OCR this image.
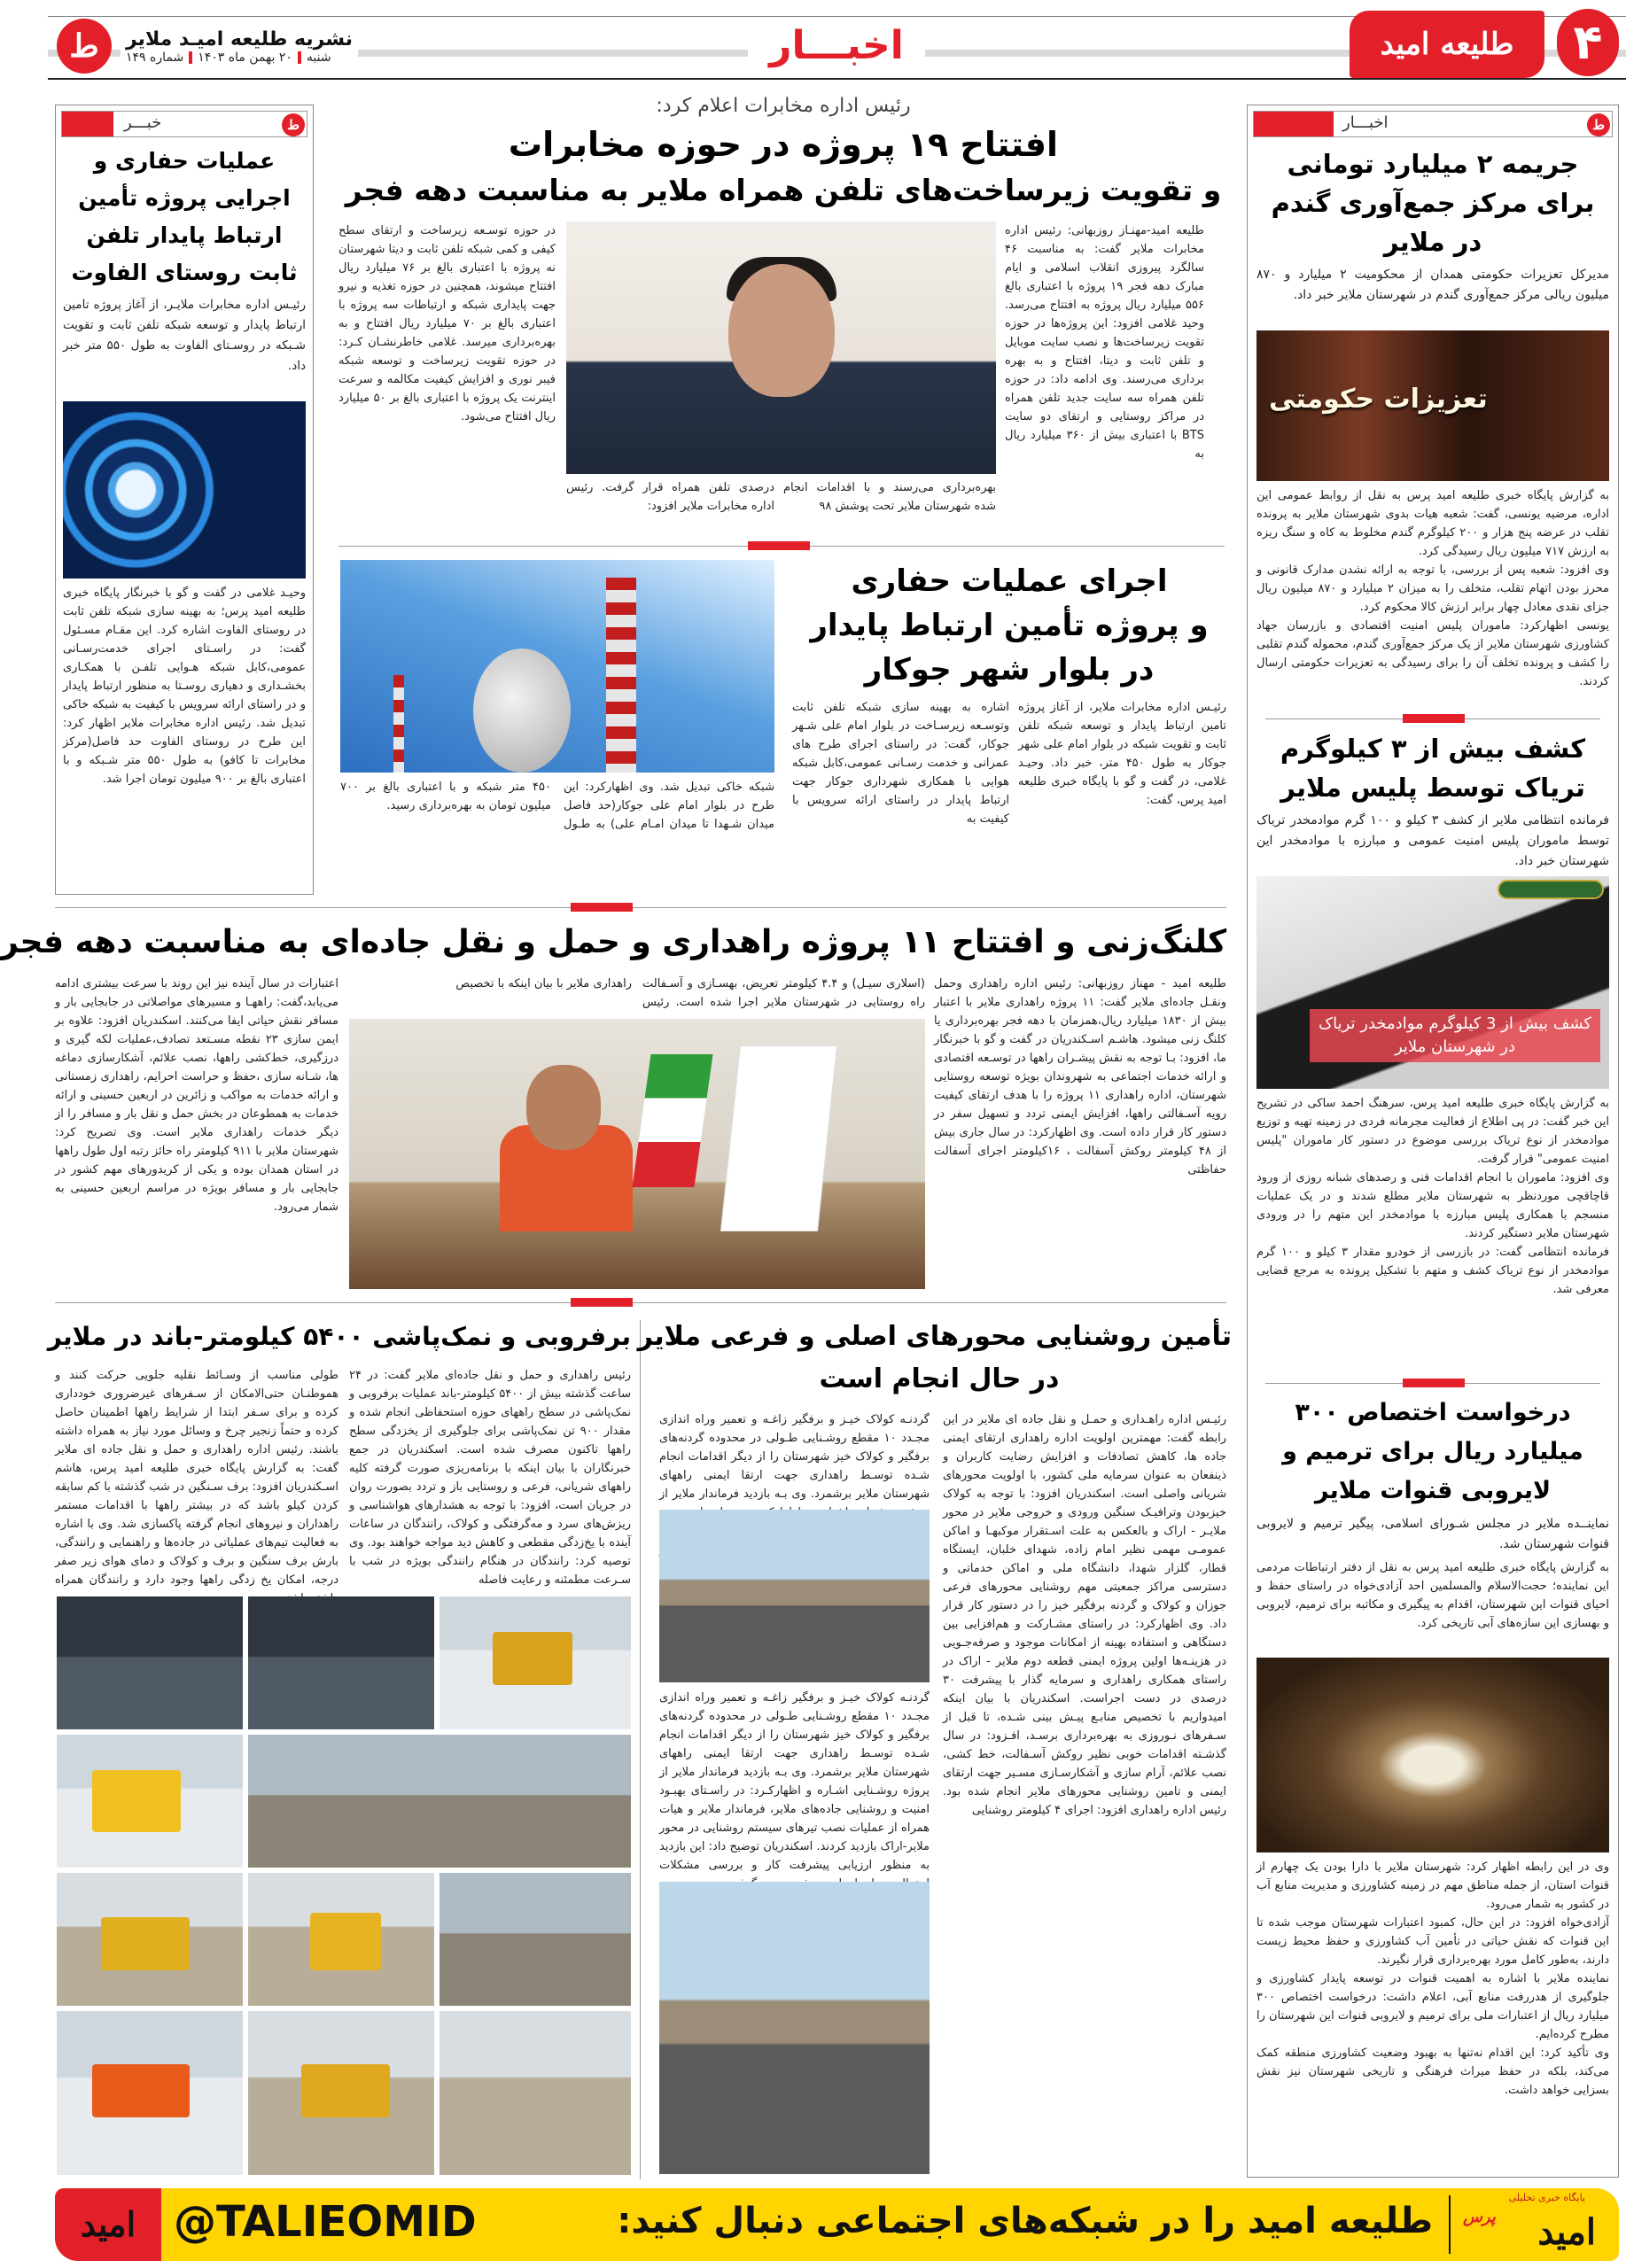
۴
طلیعه امید
اخبـــار
ط	نشریه طلیعه امیـد ملایر
شنبه
۲۰ بهمن ماه ۱۴۰۳
شماره ۱۴۹
اخبـــار	ط
جریمه ۲ میلیارد تومانی برای مرکز جمع‌آوری گندم در ملایر
مدیرکل تعزیرات حکومتی همدان از محکومیت ۲ میلیارد و ۸۷۰ میلیون ریالی مرکز جمع‌آوری گندم در شهرستان ملایر خبر داد.
تعزیزات حکومتی

به گزارش پایگاه خبری طلیعه امید پرس به نقل از روابط عمومی این اداره، مرضیه یونسی، گفت: شعبه هیات بدوی شهرستان ملایر به پرونده تقلب در عرضه پنج هزار و ۲۰۰ کیلوگرم گندم مخلوط به کاه و سنگ ریزه به ارزش ۷۱۷ میلیون ریال رسیدگی کرد.

وی افزود: شعبه پس از بررسی، با توجه به ارائه نشدن مدارک قانونی و محرز بودن اتهام تقلب، متخلف را به میزان ۲ میلیارد و ۸۷۰ میلیون ریال جزای نقدی معادل چهار برابر ارزش کالا محکوم کرد.

یونسی اظهارکرد: ماموران پلیس امنیت اقتصادی و بازرسان جهاد کشاورزی شهرستان ملایر از یک مرکز جمع‌آوری گندم، محموله گندم تقلبی را کشف و پرونده تخلف آن را برای رسیدگی به تعزیرات حکومتی ارسال کردند.

کشف بیش از ۳ کیلوگرم تریاک توسط پلیس ملایر
فرمانده انتظامی ملایر از کشف ۳ کیلو و ۱۰۰ گرم موادمخدر تریاک توسط ماموران پلیس امنیت عمومی و مبارزه با موادمخدر این شهرستان خبر داد.
کشف بیش از 3 کیلوگرم موادمخدر تریاک در شهرستان ملایر

به گزارش پایگاه خبری طلیعه امید پرس، سرهنگ احمد ساکی در تشریح این خبر گفت: در پی اطلاع از فعالیت مجرمانه فردی در زمینه تهیه و توزیع موادمخدر از نوع تریاک بررسی موضوع در دستور کار ماموران "پلیس امنیت عمومی" قرار گرفت.

وی افزود: ماموران با انجام اقدامات فنی و رصدهای شبانه روزی از ورود قاچاقچی موردنظر به شهرستان ملایر مطلع شدند و در یک عملیات منسجم با همکاری پلیس مبارزه با موادمخدر این متهم را در ورودی شهرستان ملایر دستگیر کردند.

فرمانده انتظامی گفت: در بازرسی از خودرو مقدار ۳ کیلو و ۱۰۰ گرم موادمخدر از نوع تریاک کشف و متهم با تشکیل پرونده به مرجع قضایی معرفی شد.

درخواست اختصاص ۳۰۰ میلیارد ریال برای ترمیم و لایروبی قنوات ملایر
نماینــده ملایر در مجلس شـورای اسلامی، پیگیر ترمیم و لایروبی قنوات شهرستان شد.
به گزارش پایگاه خبری طلیعه امید پرس به نقل از دفتر ارتباطات مردمی این نماینده؛ حجت‌الاسلام والمسلمین احد آزادی‌خواه در راستای حفظ و احیای قنوات این شهرستان، اقدام به پیگیری و مکاتبه برای ترمیم، لایروبی و بهسازی این سازه‌های آبی تاریخی کرد.

وی در این رابطه اظهار کرد: شهرستان ملایر با دارا بودن یک چهارم از قنوات استان، از جمله مناطق مهم در زمینه کشاورزی و مدیریت منابع آب در کشور به شمار می‌رود.

آزادی‌خواه افزود: در این حال، کمبود اعتبارات شهرستان موجب شده تا این قنوات که نقش حیاتی در تأمین آب کشاورزی و حفظ محیط زیست دارند، به‌طور کامل مورد بهره‌برداری قرار نگیرند.

نماینده ملایر با اشاره به اهمیت قنوات در توسعه پایدار کشاورزی و جلوگیری از هدررفت منابع آبی، اعلام داشت: درخواست اختصاص ۳۰۰ میلیارد ریال از اعتبارات ملی برای ترمیم و لایروبی قنوات این شهرستان را مطرح کرده‌ایم.

وی تأکید کرد: این اقدام نه‌تنها به بهبود وضعیت کشاورزی منطقه کمک می‌کند، بلکه در حفظ میراث فرهنگی و تاریخی شهرستان نیز نقش بسزایی خواهد داشت.

خبـــر	ط
عملیات حفاری و اجرایی پروژه تأمین ارتباط پایدار تلفن ثابت روستای الفاوت
رئیـس اداره مخابرات ملایـر، از آغاز پروژه تامین ارتباط پایدار و توسعه شبکه تلفن ثابت و تقویت شـبکه در روسـتای الفاوت به طول ۵۵۰ متر خبر داد.
وحیـد غلامی در گفت و گو با خبرنگار پایگاه خبری طلیعه امید پرس؛ به بهینه سازی شبکه تلفن ثابت در روستای الفاوت اشاره کرد. این مقـام مسـئول گفت: در راسـتای اجرای خدمت‌رسـانی عمومی،کابل شبکه هـوایی تلفـن با همکـاری بخشـداری و دهیاری روسـتا به منظور ارتباط پایدار و در راستای ارائه سرویس با کیفیت به شبکه خاکی تبدیل شد. رئیس اداره مخابرات ملایر اظهار کرد: این طرح در روستای الفاوت حد فاصل(مرکز مخابرات تا کافو) به طول ۵۵۰ متر شـبکه و با اعتباری بالغ بر ۹۰۰ میلیون تومان اجرا شد.
رئیس اداره مخابرات اعلام کرد:
افتتاح ۱۹ پروژه در حوزه مخابرات
و تقویت زیرساخت‌های تلفن همراه ملایر به مناسبت دهه فجر
طلیعه امید-مهنـاز روزبهانی: رئیس اداره مخابرات ملایر گفت: به مناسبت ۴۶ سالگرد پیروزی انقلاب اسلامی و ایام مبارک دهه فجر ۱۹ پروژه با اعتباری بالغ ۵۵۶ میلیارد ریال پروژه به افتتاح می‌رسد. وحید غلامی افزود: این پروژه‌ها در حوزه تقویت زیرساخت‌ها و نصب سایت موبایل و تلفن ثابت و دیتا، افتتاح و به بهره برداری می‌رسند. وی ادامه داد: در حوزه تلفن همراه سه سایت جدید تلفن همراه در مراکز روستایی و ارتقای دو سایت BTS با اعتباری بیش از ۳۶۰ میلیارد ریال به
بهره‌برداری می‌رسند و با اقدامات انجام شده شهرستان ملایر تحت پوشش ۹۸
درصدی تلفن همراه قرار گرفت. رئیس اداره مخابرات ملایر افزود:
در حوزه توسـعه زیرساخت و ارتقای سطح کیفی و کمی شبکه تلفن ثابت و دیتا شهرستان نه پروژه با اعتباری بالغ بر ۷۶ میلیارد ریال افتتاح میشوند، همچنین در حوزه تغذیه و نیرو جهت پایداری شبکه و ارتباطات سه پروژه با اعتباری بالغ بر ۷۰ میلیارد ریال افتتاح و به بهره‌برداری میرسد. غلامی خاطرنشـان کـرد: در حوزه تقویت زیرساخت و توسعه شبکه فیبر نوری و افزایش کیفیت مکالمه و سرعت اینترنت یک پروژه با اعتباری بالغ بر ۵۰ میلیارد ریال افتتاح می‌شود.
اجرای عملیات حفاری
و پروژه تأمین ارتباط پایدار
در بلوار شهر جوکار
رئیـس اداره مخابرات ملایر، از آغاز پروژه تامین ارتباط پایدار و توسعه شبکه تلفن ثابت و تقویت شبکه در بلوار امام علی شهر جوکار به طول ۴۵۰ متر، خبر داد. وحیـد غلامی، در گفت و گو با پایگاه خبری طلیعه امید پرس، گفت:
اشاره به بهینه سازی شبکه تلفن ثابت وتوسـعه زیرسـاخت در بلوار امام علی شـهر جوکار، گفت: در راستای اجرای طرح های عمرانی و خدمت رسـانی عمومی،کابل شبکه هوایی با همکاری شهرداری جوکار جهت ارتباط پایدار در راستای ارائه سرویس با کیفیت به
شبکه خاکی تبدیل شد. وی اظهارکرد: این طرح در بلوار امام علی جوکار(حد فاصل میدان شـهدا تا میدان امـام علی) به طـول ۴۵۰ متر شبکه و با اعتباری بالغ بر ۷۰۰ میلیون تومان به بهره‌برداری رسید.
کلنگ‌زنی و افتتاح ۱۱ پروژه راهداری و حمل و نقل جاده‌ای به مناسبت دهه فجر
طلیعه امید - مهناز روزبهانی: رئیس اداره راهداری وحمل ونقـل جاده‌ای ملایر گفت: ۱۱ پروژه راهداری ملایر با اعتبار بیش از ۱۸۳۰ میلیارد ریال،همزمان با دهه فجر بهره‌برداری یا کلنگ زنی میشود. هاشـم اسـکندریان در گفت و گو با خبرنگار ما، افزود: بـا توجه به نقش پیشـران راهها در توسـعه اقتصادی و ارائه خدمات اجتماعی به شهروندان بویژه توسعه روستایی شهرستان، اداره راهداری ۱۱ پروژه را با هدف ارتقای کیفیت رویه آسـفالتی راهها، افزایش ایمنی تردد و تسهیل سفر در دستور کار قرار داده است. وی اظهارکرد: در سال جاری بیش از ۴۸ کیلومتر روکش آسفالت ، ۱۶کیلومتر اجرای آسفالت حفاظتی
(اسلاری سیـل) و ۴.۴ کیلومتر تعریض، بهسـازی و آسـفالت راه روستایی در شهرستان ملایر اجرا شده است. رئیس راهداری ملایر با بیان اینکه با تخصیص
اعتبارات در سال آینده نیز این روند با سرعت بیشتری ادامه می‌یابد،گفت: راههـا و مسیرهای مواصلاتی در جابجایی بار و مسافر نقش حیاتی ایفا می‌کنند. اسکندریان افزود: علاوه بر ایمن سازی ۲۳ نقطه مسـتعد تصادف،عملیات لکه گیری و درزگیری، خط‌کشی راهها، نصب علائم، آشکارسازی دماغه ها، شـانه سازی ،حفظ و حراست احرایم، راهداری زمستانی و ارائه خدمات به مواکب و زائرین در اربعین حسینی و ارائه خدمات به همطوعان در بخش حمل و نقل بار و مسافر را از دیگر خدمات راهداری ملایر است. وی تصریح کرد: شهرستان ملایر با ۹۱۱ کیلومتر راه حائز رتبه اول طول راهها در استان همدان بوده و یکی از کریدورهای مهم کشور در جابجایی بار و مسافر بویژه در مراسم اربعین حسینی به شمار می‌رود.
تأمین روشنایی محورهای اصلی و فرعی ملایر
در حال انجام است
رئیـس اداره راهـداری و حمـل و نقل جاده ای ملایر در این رابطه گفت: مهمترین اولویت اداره راهداری ارتقای ایمنی جاده ها، کاهش تصادفات و افزایش رضایت کاربران و ذینفعان به عنوان سرمایه ملی کشور، با اولویت محورهای شریانی واصلی است. اسکندریان افزود: با توجه به کولاک خیزبودن وترافیـک سنگین ورودی و خروجی ملایر در محور ملایـر - اراک و بالعکس به علت اسـتقرار موکبهـا و اماکن عمومـی مهمی نظیر امام زاده، شهدای خلبان، ایستگاه قطار، گلزار شهدا، دانشگاه ملی و اماکن خدماتی و دسترسی مراکز جمعیتی مهم روشنایی محورهای فرعی جوزان و کولاک و گردنه برفگیر خیز را در دستور کار قرار داد. وی اظهارکرد: در راستای مشـارکت و هم‌افزایی بین دستگاهی و استفاده بهینه از امکانات موجود و صرفه‌جـویی در هزینـه‌ها اولین پروژه ایمنی قطعه دوم ملایر - اراک در راستای همکاری راهداری و سرمایه گذار با پیشرفت ۳۰ درصدی در دست اجراست. اسکندریان با بیان اینکه امیدواریم با تخصیص منابـع پیـش بینی شـده، تا قبل از سـفرهای نـوروزی به بهره‌برداری برسـد، افـزود: در سال گذشـته اقدامات خوبی نظیر روکش آسـفالت، خط کشی، نصب علائم، آرام سازی و آشکارسـازی مسـیر جهت ارتقای ایمنی و تامین روشنایی محورهای ملایر انجام شده بود. رئیس اداره راهداری افزود: اجرای ۴ کیلومتر روشنایی
گردنـه کولاک خیـز و برفگیر زاغـه و تعمیر وراه اندازی مجـدد ۱۰ مقطع روشـنایی طـولی در محدوده گردنه‌های برفگیر و کولاک خیز شهرستان را از دیگر اقدامات انجام شـده توسـط راهداری جهت ارتقا ایمنی راههای شهرستان ملایر برشمرد. وی بـه بازدید فرماندار ملایر از
گردنـه کولاک خیـز و برفگیر زاغـه و تعمیر وراه اندازی مجـدد ۱۰ مقطع روشـنایی طـولی در محدوده گردنه‌های برفگیر و کولاک خیز شهرستان را از دیگر اقدامات انجام شـده توسـط راهداری جهت ارتقا ایمنی راههای شهرستان ملایر برشمرد. وی بـه بازدید فرماندار ملایر از پروژه روشـنایی اشـاره و اظهارکـرد: در راسـتای بهبـود امنیت و روشنایی جاده‌های ملایر، فرماندار ملایر و هیات همراه از عملیات نصب تیرهای سیستم روشنایی در محور ملایر-اراک بازدید کردند. اسکندریان توضیح داد: این بازدید به منظور ارزیابی پیشرفت کار و بررسی مشکلات
برفروبی و نمک‌پاشی ۵۴۰۰ کیلومتر-باند در ملایر
رئیس راهداری و حمل و نقل جاده‌ای ملایر گفت: در ۲۴ ساعت گذشته بیش از ۵۴۰۰ کیلومتر-باند عملیات برفروبی و نمک‌پاشی در سطح راههای حوزه استحفاظی انجام شده و مقدار ۹۰۰ تن نمک‌پاشی برای جلوگیری از یخزدگی سطح راهها تاکنون مصرف شده است. اسکندریان در جمع خبرنگاران با بیان اینکه با برنامه‌ریزی صورت گرفته کلیه راههای شریانی، فرعی و روستایی باز و تردد بصورت روان در جریان است، افزود: با توجه به هشدارهای هواشناسی و ریزش‌های سرد و مه‌گرفتگی و کولاک، رانندگان در ساعات آینده با یخ‌زدگی مقطعی و کاهش دید مواجه خواهند بود. وی توصیه کرد: رانندگان در هنگام رانندگی بویژه در شب با سـرعت مطمئنه و رعایت فاصله
طولی مناسب از وسـائط نقلیه جلویی حرکت کنند و هموطنـان حتی‌الامکان از سـفرهای غیرضروری خودداری کرده و برای سـفر ابتدا از شرایط راهها اطمینان حاصل کرده و حتماً زنجیر چرخ و وسائل مورد نیاز به همراه داشته باشند. رئیس اداره راهداری و حمل و نقل جاده ای ملایر گفت: به گزارش پایگاه خبری طلیعه امید پرس، هاشم اسـکندریان افزود: برف سـنگین در شب گذشته با کم سابقه کردن کیلو باشد که در بیشتر راهها با اقدامات مستمر راهداران و نیروهای انجام گرفته پاکسازی شد. وی با اشاره به فعالیت تیم‌های عملیاتی در جاده‌ها و راهنمایی و رانندگی، بارش برف سنگین و برف و کولاک و دمای هوای زیر صفر درجه، امکان یخ زدگی راهها وجود دارد و رانندگان همراه
امید @TALIEOMID	طلیعه امید را در شبکه‌های اجتماعی دنبال کنید:
پایگاه خبری تحلیلی
پرس امید
